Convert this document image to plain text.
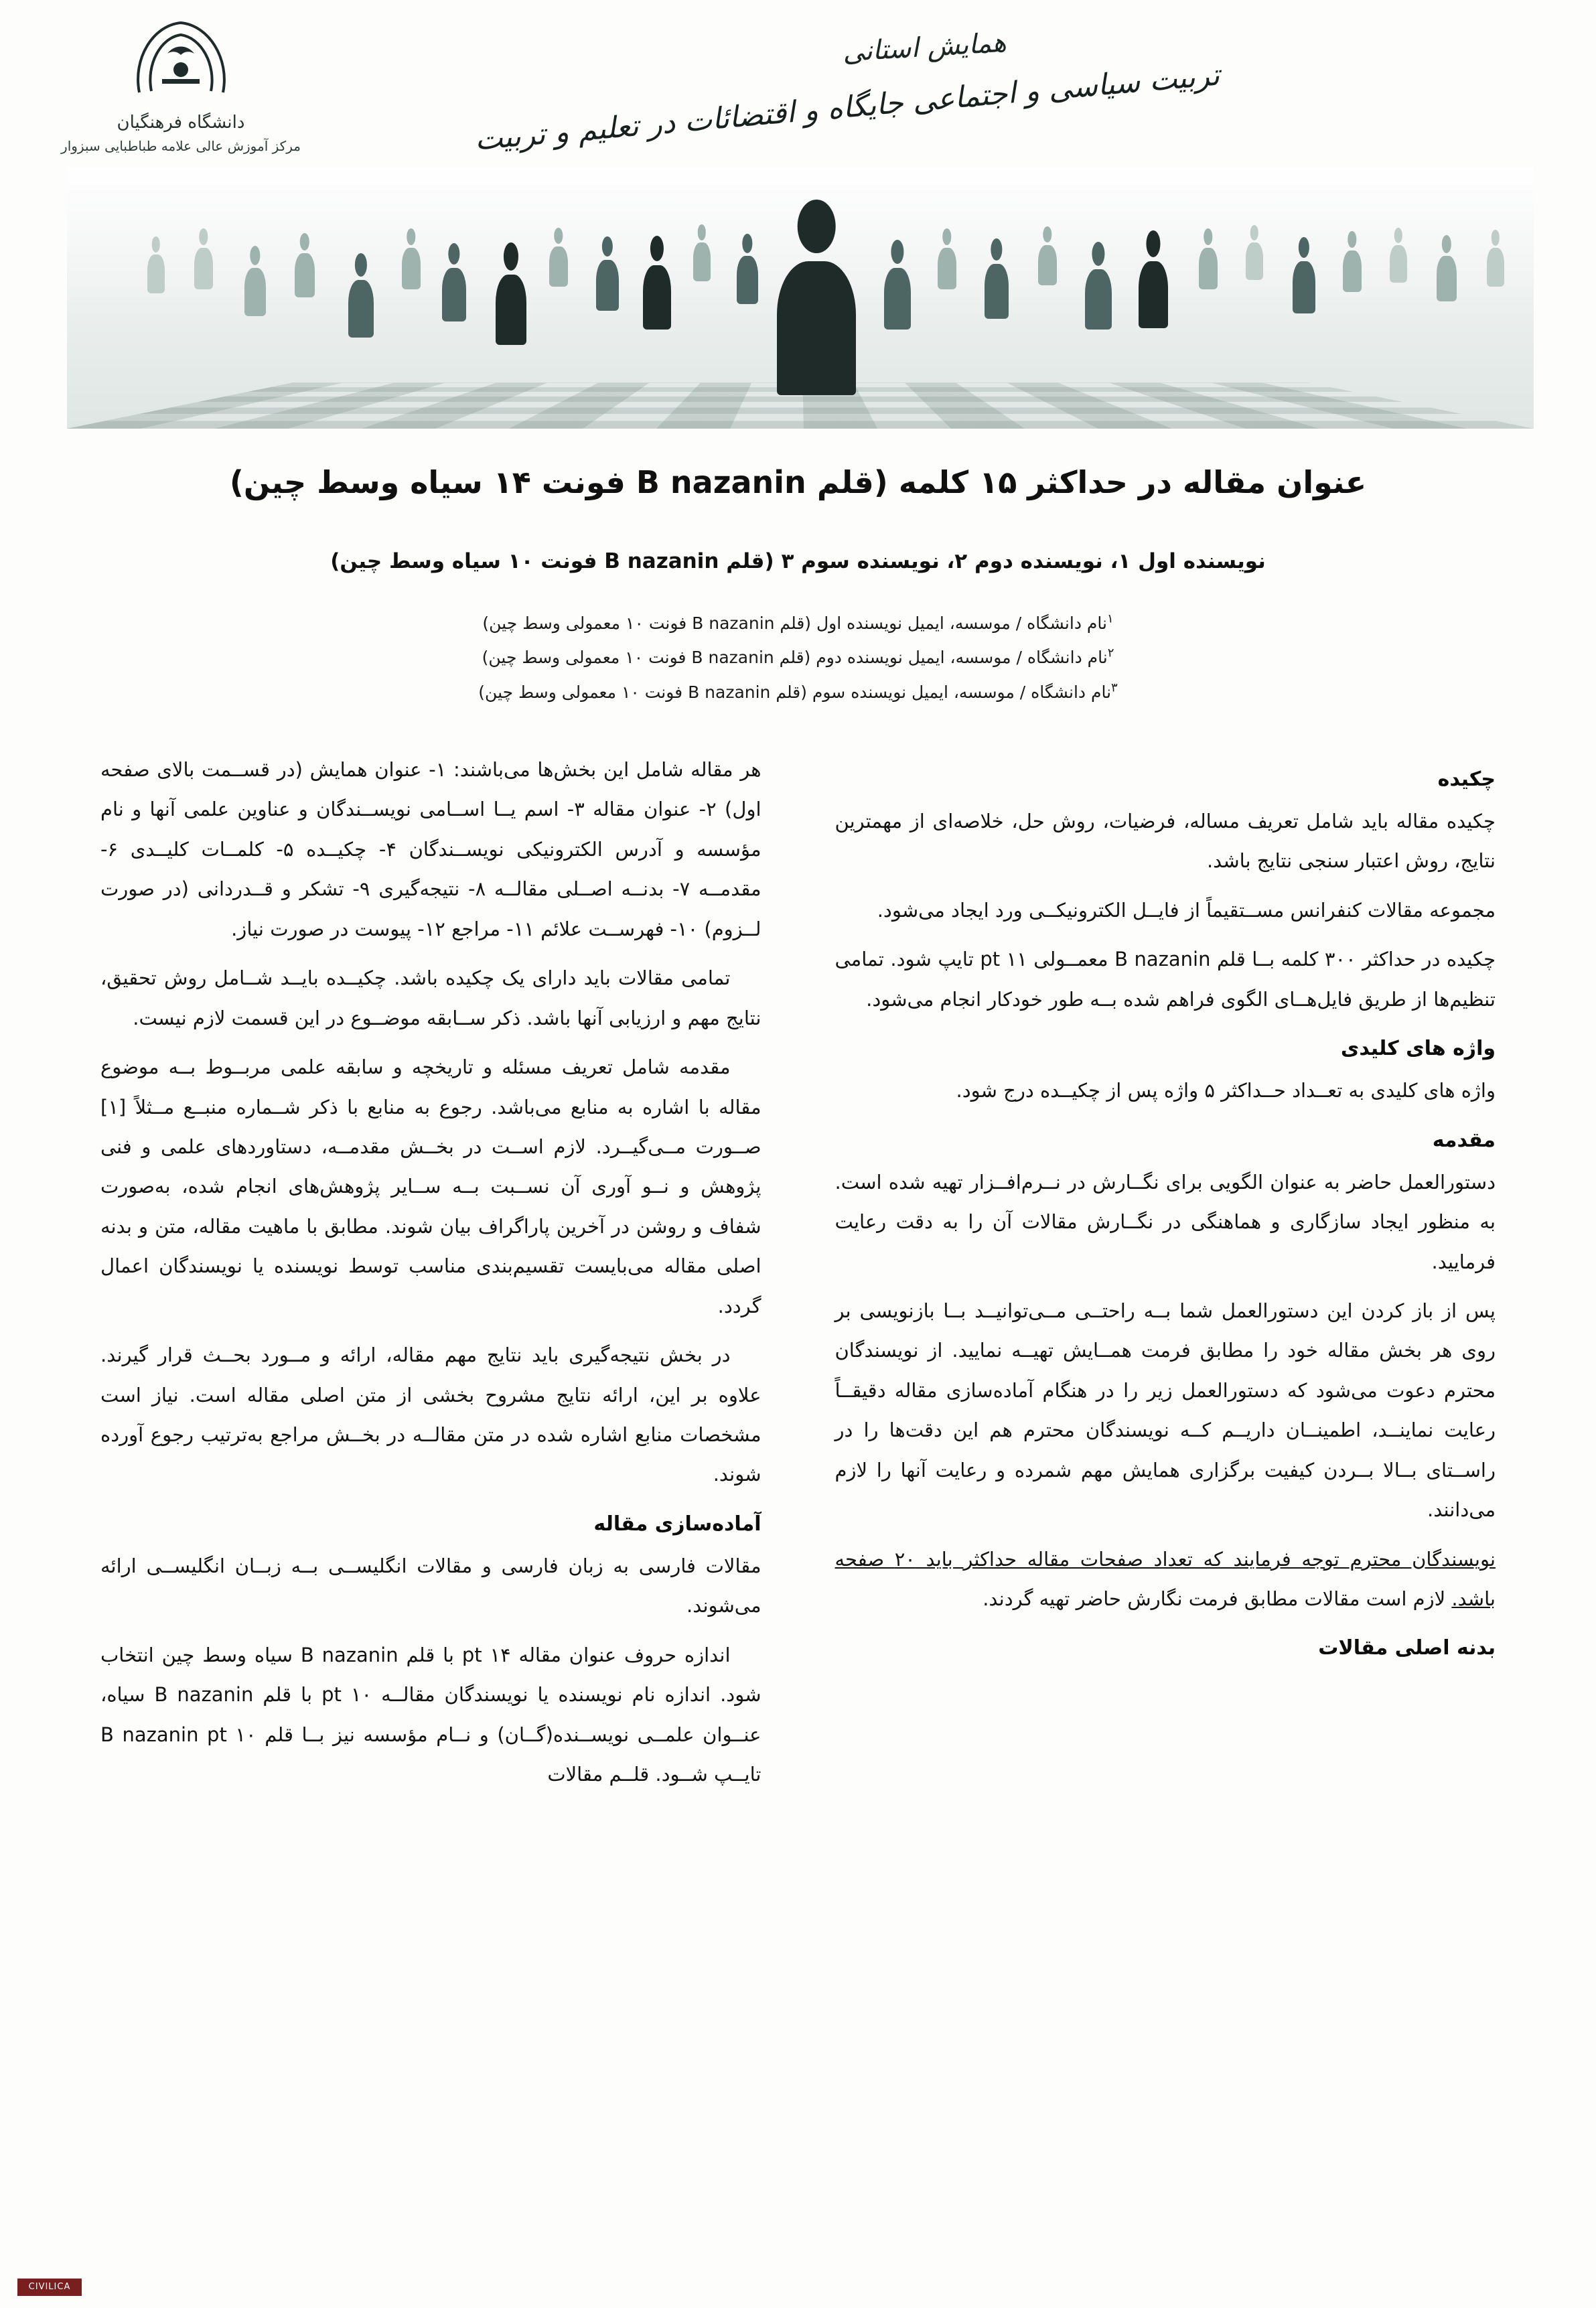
دانشگاه فرهنگیان
مرکز آموزش عالی علامه طباطبایی سبزوار
همایش استانی
تربیت سیاسی و اجتماعی جایگاه و اقتضائات در تعلیم و تربیت
عنوان مقاله در حداکثر ۱۵ کلمه (قلم B nazanin فونت ۱۴ سیاه وسط چین)
نویسنده اول ۱، نویسنده دوم ۲، نویسنده سوم ۳ (قلم B nazanin فونت ۱۰ سیاه وسط چین)
$^۱$نام دانشگاه / موسسه، ایمیل نویسنده اول (قلم B nazanin فونت ۱۰ معمولی وسط چین)
$^۲$نام دانشگاه / موسسه، ایمیل نویسنده دوم (قلم B nazanin فونت ۱۰ معمولی وسط چین)
$^۳$نام دانشگاه / موسسه، ایمیل نویسنده سوم (قلم B nazanin فونت ۱۰ معمولی وسط چین)
چکیده

چکیده مقاله باید شامل تعریف مساله، فرضیات، روش حل، خلاصه‌ای از مهمترین نتایج، روش اعتبار سنجی نتایج باشد.

مجموعه مقالات کنفرانس مســتقیماً از فایــل الکترونیکــی ورد ایجاد می‌شود.

چکیده در حداکثر ۳۰۰ کلمه بــا قلم B nazanin معمــولی ۱۱ pt تایپ شود. تمامی تنظیم‌ها از طریق فایل‌هــای الگوی فراهم شده بــه طور خودکار انجام می‌شود.

واژه های کلیدی

واژه های کلیدی به تعــداد حــداکثر ۵ واژه پس از چکیــده درج شود.

مقدمه

دستورالعمل حاضر به عنوان الگویی برای نگــارش در نــرم‌افــزار تهیه شده است. به منظور ایجاد سازگاری و هماهنگی در نگــارش مقالات آن را به دقت رعایت فرمایید.

پس از باز کردن این دستورالعمل شما بــه راحتــی مــی‌توانیــد بــا بازنویسی بر روی هر بخش مقاله خود را مطابق فرمت همــایش تهیــه نمایید. از نویسندگان محترم دعوت می‌شود که دستورالعمل زیر را در هنگام آماده‌سازی مقاله دقیقــاً رعایت نماینــد، اطمینــان داریــم کــه نویسندگان محترم هم این دقت‌ها را در راســتای بــالا بــردن کیفیت برگزاری همایش مهم شمرده و رعایت آنها را لازم می‌دانند.

نویسندگان محترم توجه فرمایند که تعداد صفحات مقاله حداکثر باید ۲۰ صفحه باشد. لازم است مقالات مطابق فرمت نگارش حاضر تهیه گردند.

بدنه اصلی مقالات

هر مقاله شامل این بخش‌ها می‌باشند: ۱- عنوان همایش (در قســمت بالای صفحه اول) ۲- عنوان مقاله ۳- اسم یــا اســامی نویســندگان و عناوین علمی آنها و نام مؤسسه و آدرس الکترونیکی نویســندگان ۴- چکیــده ۵- کلمــات کلیــدی ۶- مقدمــه ۷- بدنــه اصــلی مقالــه ۸- نتیجه‌گیری ۹- تشکر و قــدردانی (در صورت لــزوم) ۱۰- فهرســت علائم ۱۱- مراجع ۱۲- پیوست در صورت نیاز.

تمامی مقالات باید دارای یک چکیده باشد. چکیــده بایــد شــامل روش تحقیق، نتایج مهم و ارزیابی آنها باشد. ذکر ســابقه موضــوع در این قسمت لازم نیست.

مقدمه شامل تعریف مسئله و تاریخچه و سابقه علمی مربــوط بــه موضوع مقاله با اشاره به منابع می‌باشد. رجوع به منابع با ذکر شــماره منبــع مــثلاً [۱] صــورت مــی‌گیــرد. لازم اســت در بخــش مقدمــه، دستاوردهای علمی و فنی پژوهش و نــو آوری آن نســبت بــه ســایر پژوهش‌های انجام شده، به‌صورت شفاف و روشن در آخرین پاراگراف بیان شوند. مطابق با ماهیت مقاله، متن و بدنه اصلی مقاله می‌بایست تقسیم‌بندی مناسب توسط نویسنده یا نویسندگان اعمال گردد.

در بخش نتیجه‌گیری باید نتایج مهم مقاله، ارائه و مــورد بحــث قرار گیرند. علاوه بر این، ارائه نتایج مشروح بخشی از متن اصلی مقاله است. نیاز است مشخصات منابع اشاره شده در متن مقالــه در بخــش مراجع به‌ترتیب رجوع آورده شوند.

آماده‌سازی مقاله

مقالات فارسی به زبان فارسی و مقالات انگلیســی بــه زبــان انگلیســی ارائه می‌شوند.

اندازه حروف عنوان مقاله ۱۴ pt با قلم B nazanin سیاه وسط چین انتخاب شود. اندازه نام نویسنده یا نویسندگان مقالــه pt ۱۰ با قلم B nazanin سیاه، عنــوان علمــی نویســنده(گــان) و نــام مؤسسه نیز بــا قلم B nazanin pt ۱۰ تایــپ شــود. قلــم مقالات

CIVILICA
